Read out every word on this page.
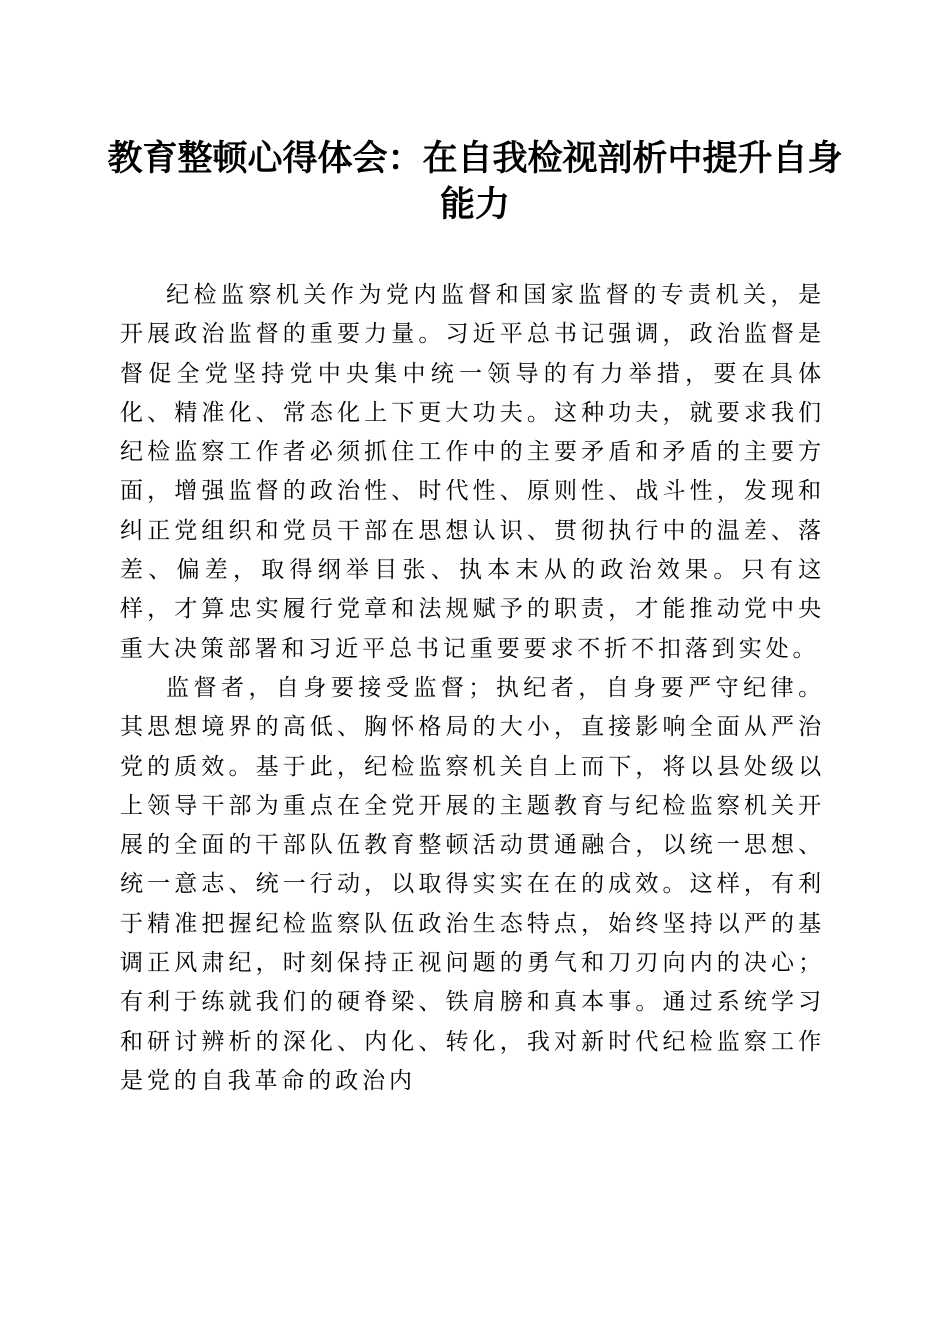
教育整顿心得体会：在自我检视剖析中提升自身能力

纪检监察机关作为党内监督和国家监督的专责机关，是开展政治监督的重要力量。习近平总书记强调，政治监督是督促全党坚持党中央集中统一领导的有力举措，要在具体化、精准化、常态化上下更大功夫。这种功夫，就要求我们纪检监察工作者必须抓住工作中的主要矛盾和矛盾的主要方面，增强监督的政治性、时代性、原则性、战斗性，发现和纠正党组织和党员干部在思想认识、贯彻执行中的温差、落差、偏差，取得纲举目张、执本末从的政治效果。只有这样，才算忠实履行党章和法规赋予的职责，才能推动党中央重大决策部署和习近平总书记重要要求不折不扣落到实处。

监督者，自身要接受监督；执纪者，自身要严守纪律。其思想境界的高低、胸怀格局的大小，直接影响全面从严治党的质效。基于此，纪检监察机关自上而下，将以县处级以上领导干部为重点在全党开展的主题教育与纪检监察机关开展的全面的干部队伍教育整顿活动贯通融合，以统一思想、统一意志、统一行动，以取得实实在在的成效。这样，有利于精准把握纪检监察队伍政治生态特点，始终坚持以严的基调正风肃纪，时刻保持正视问题的勇气和刀刃向内的决心；有利于练就我们的硬脊梁、铁肩膀和真本事。通过系统学习和研讨辨析的深化、内化、转化，我对新时代纪检监察工作是党的自我革命的政治内
